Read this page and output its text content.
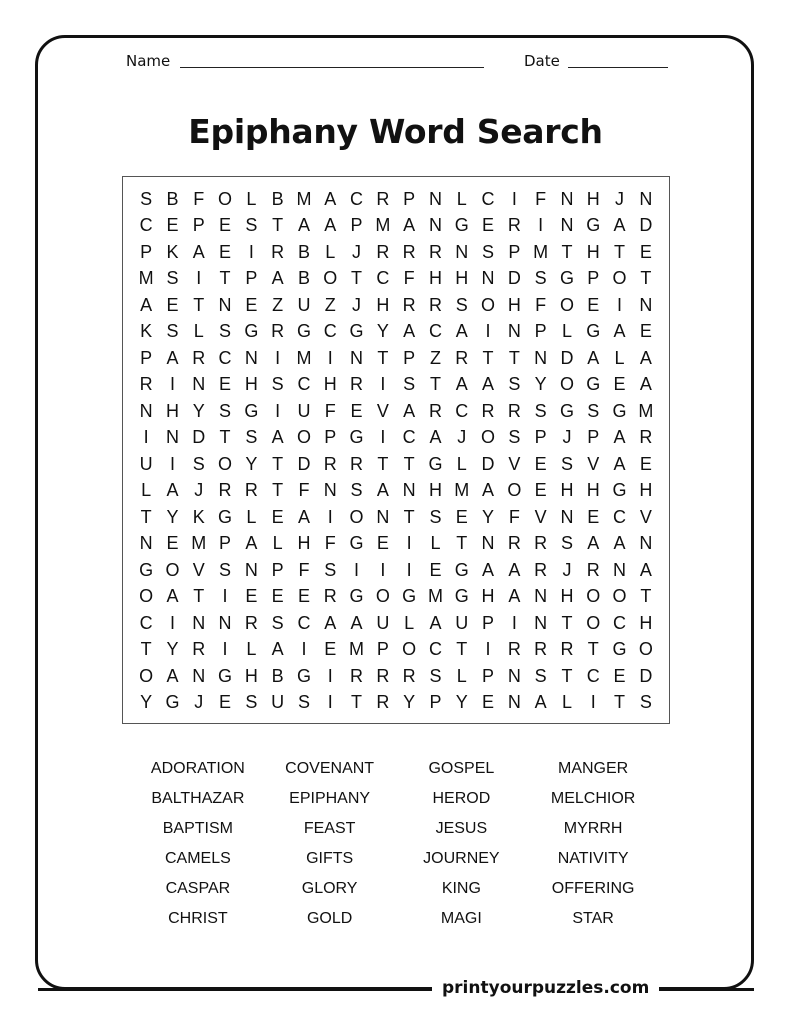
Name	Date
Epiphany Word Search
S B F O L B M A C R P N L C I	F N H J N
C E P E S T A A P M A N G E R I N G A D
P K A E I R B L J R R R N S P M T H T E
M S I	T P A B O T C F H H N D S G P O T
A E T N E Z U Z J H R R S O H F O E I N
K S L S G R G C G Y A C A I N P L G A E
P A R C N I M I N T P Z R T T N D A L A
R I N E H S C H R I S T A A S Y O G E A
N H Y S G I U F E V A R C R R S G S G M
I N D T S A O P G I C A J O S P J P A R
U I S O Y T D R R T T G L D V E S V A E
L A J R R T F N S A N H M A O E H H G H
T Y K G L E A I O N T S E Y F V N E C V
N E M P A L H F G E I	L T N R R S A A N
G O V S N P F S I	I	I E G A A R J R N A
O A T	I E E E R G O G M G H A N H O O T
C I N N R S C A A U L A U P I N T O C H
T Y R I	L A I E M P O C T	I R R R T G O
O A N G H B G I R R R S L P N S T C E D
Y G J E S U S I	T R Y P Y E N A L	I	T S
ADORATION	COVENANT	GOSPEL	MANGER
BALTHAZAR	EPIPHANY	HEROD	MELCHIOR
BAPTISM	FEAST	JESUS	MYRRH
CAMELS	GIFTS	JOURNEY	NATIVITY
CASPAR	GLORY	KING	OFFERING
CHRIST	GOLD	MAGI	STAR
printyourpuzzles.com
